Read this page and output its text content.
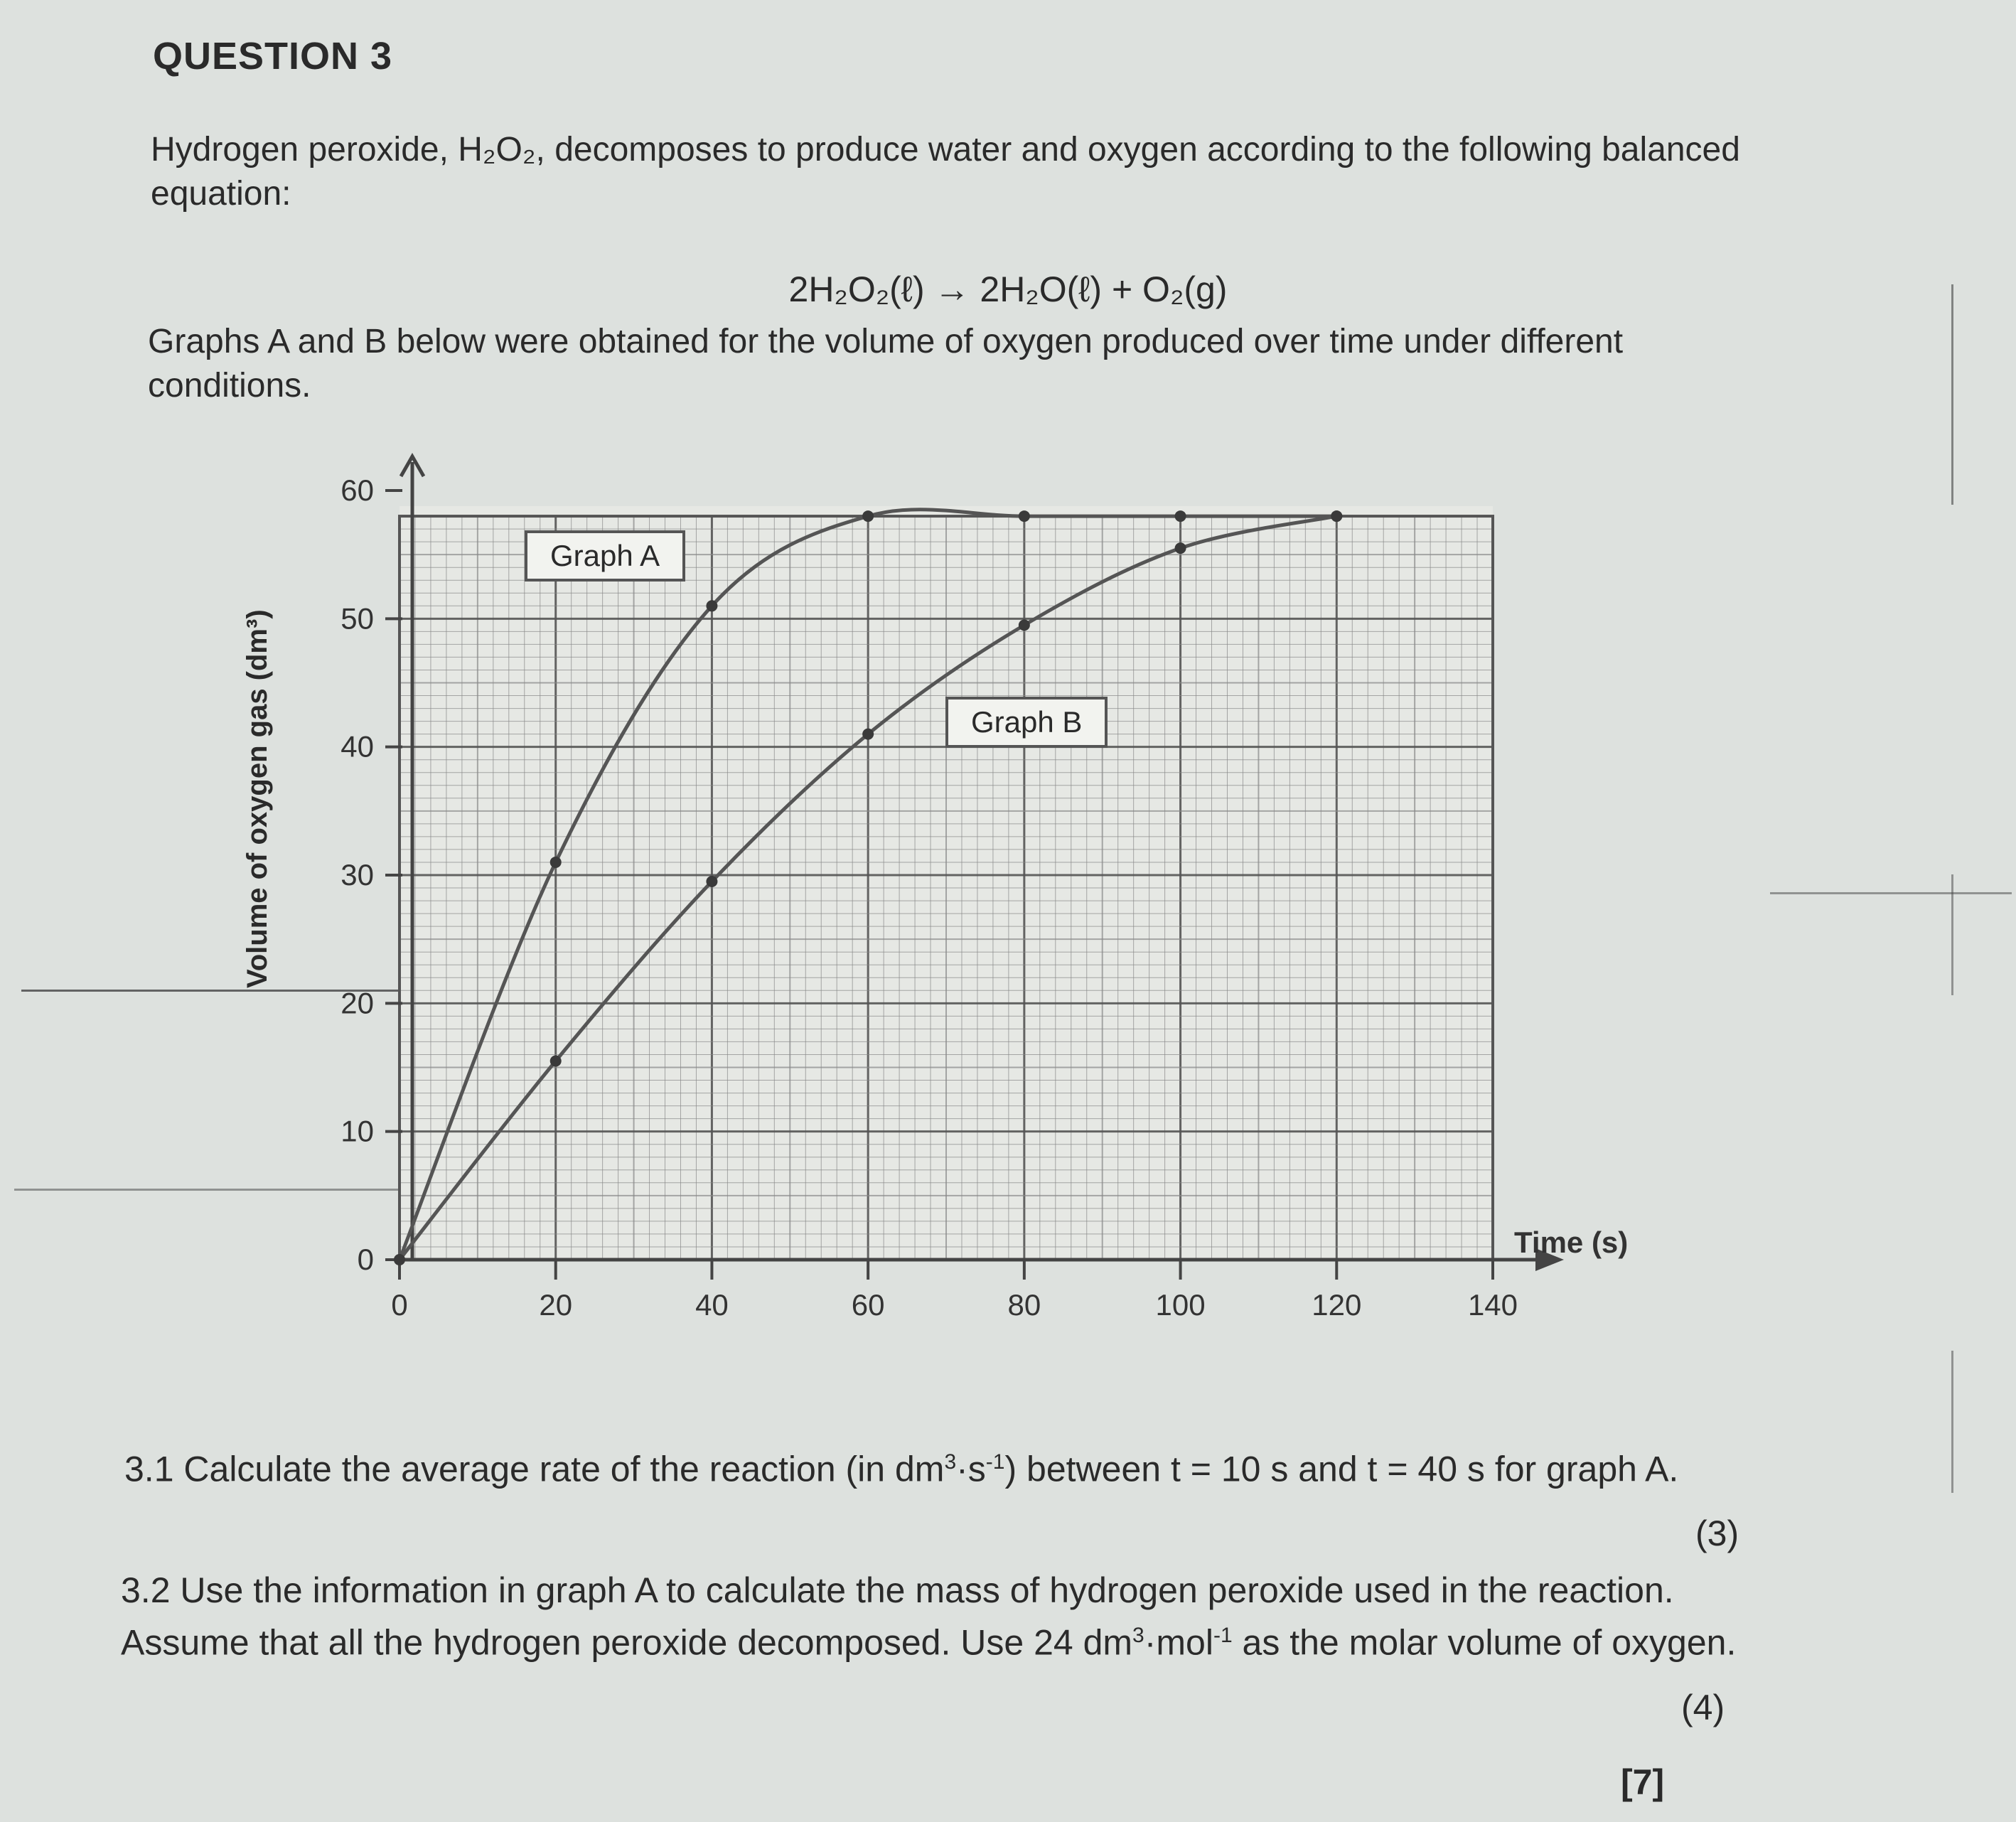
QUESTION 3
Hydrogen peroxide, H₂O₂, decomposes to produce water and oxygen according to the following balanced equation:
2H₂O₂(ℓ) → 2H₂O(ℓ) + O₂(g)
Graphs A and B below were obtained for the volume of oxygen produced over time under different conditions.
0	20	40	60	80	100	120	140
0
10
20
30
40
50
60
Time (s)
Volume of oxygen gas (dm³)
Graph A
Graph B
3.1 Calculate the average rate of the reaction (in $dm^3\cdot s^{-1}$) between t = 10 s and t = 40 s for graph A.
(3)
3.2 Use the information in graph A to calculate the mass of hydrogen peroxide used in the reaction. Assume that all the hydrogen peroxide decomposed. Use 24 $dm^3\cdot mol^{-1}$ as the molar volume of oxygen.
(4)
[7]
